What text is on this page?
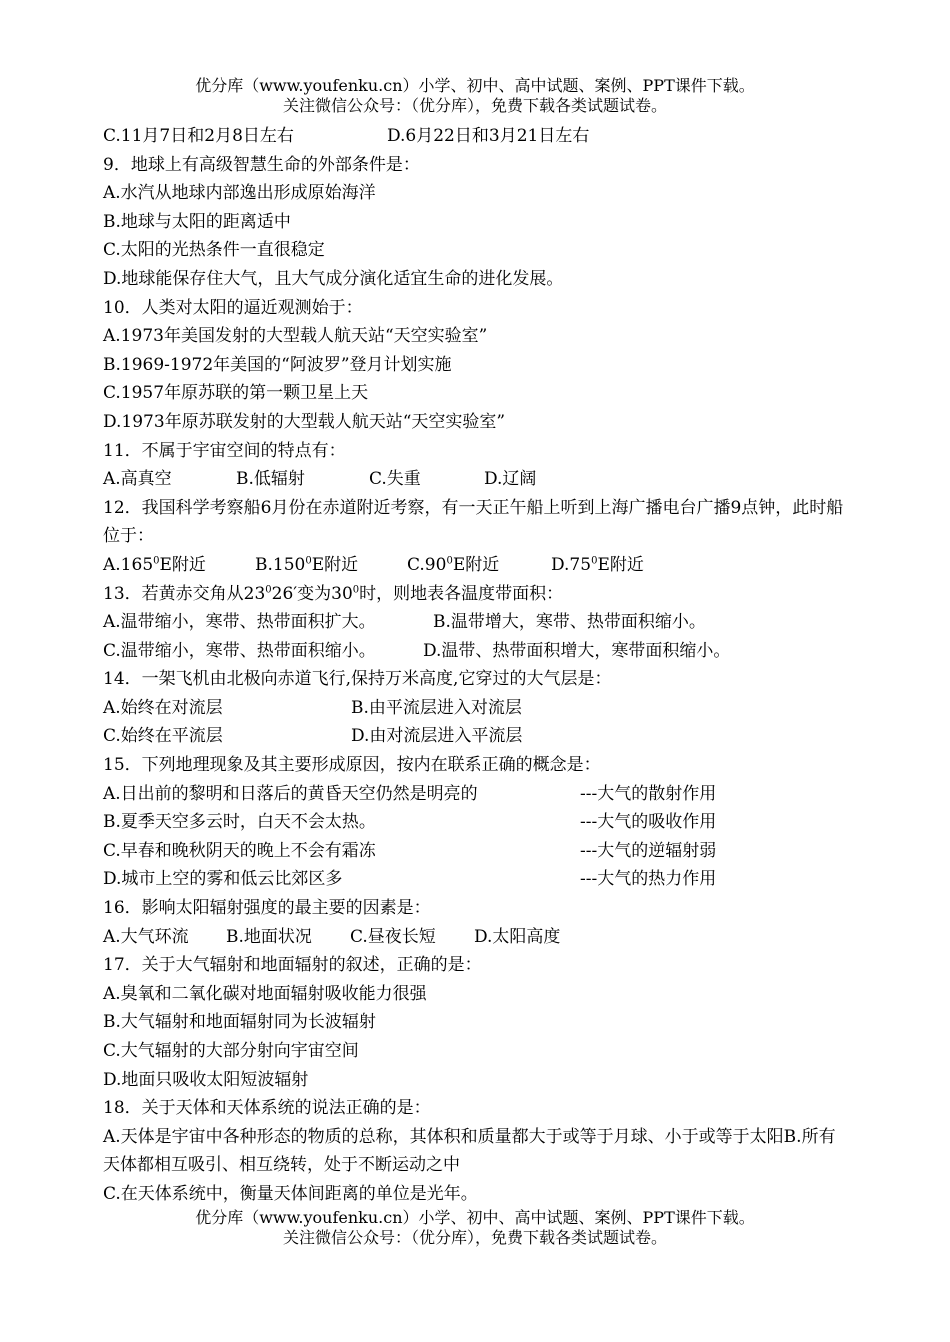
优分库（www.youfenku.cn）小学、初中、高中试题、案例、PPT课件下载。
关注微信公众号：（优分库），免费下载各类试题试卷。
C.11月7日和2月8日左右	D.6月22日和3月21日左右
9．地球上有高级智慧生命的外部条件是：
A.水汽从地球内部逸出形成原始海洋
B.地球与太阳的距离适中
C.太阳的光热条件一直很稳定
D.地球能保存住大气，且大气成分演化适宜生命的进化发展。
10．人类对太阳的逼近观测始于：
A.1973年美国发射的大型载人航天站“天空实验室”
B.1969-1972年美国的“阿波罗”登月计划实施
C.1957年原苏联的第一颗卫星上天
D.1973年原苏联发射的大型载人航天站“天空实验室”
11．不属于宇宙空间的特点有：
A.高真空	B.低辐射	C.失重	D.辽阔
12．我国科学考察船6月份在赤道附近考察，有一天正午船上听到上海广播电台广播9点钟，此时船位于：
A.165$^0$E附近	B.150$^0$E附近	$C.90^0E$附近	$D.75^0E$附近
13．若黄赤交角从$23^026'$变为$30^0$时，则地表各温度带面积：
A.温带缩小，寒带、热带面积扩大。	B.温带增大，寒带、热带面积缩小。
C.温带缩小，寒带、热带面积缩小。	D.温带、热带面积增大，寒带面积缩小。
14．一架飞机由北极向赤道飞行,保持万米高度,它穿过的大气层是：
A.始终在对流层	B.由平流层进入对流层
C.始终在平流层	D.由对流层进入平流层
15．下列地理现象及其主要形成原因，按内在联系正确的概念是：
A.日出前的黎明和日落后的黄昏天空仍然是明亮的	---大气的散射作用
B.夏季天空多云时，白天不会太热。	---大气的吸收作用
C.早春和晚秋阴天的晚上不会有霜冻	---大气的逆辐射弱
D.城市上空的雾和低云比郊区多	---大气的热力作用
16．影响太阳辐射强度的最主要的因素是：
A.大气环流 B.地面状况 C.昼夜长短 D.太阳高度
17．关于大气辐射和地面辐射的叙述，正确的是：
A.臭氧和二氧化碳对地面辐射吸收能力很强
B.大气辐射和地面辐射同为长波辐射
C.大气辐射的大部分射向宇宙空间
D.地面只吸收太阳短波辐射
18．关于天体和天体系统的说法正确的是：
A.天体是宇宙中各种形态的物质的总称，其体积和质量都大于或等于月球、小于或等于太阳B.所有天体都相互吸引、相互绕转，处于不断运动之中
C.在天体系统中，衡量天体间距离的单位是光年。
优分库（www.youfenku.cn）小学、初中、高中试题、案例、PPT课件下载。
关注微信公众号：（优分库），免费下载各类试题试卷。
